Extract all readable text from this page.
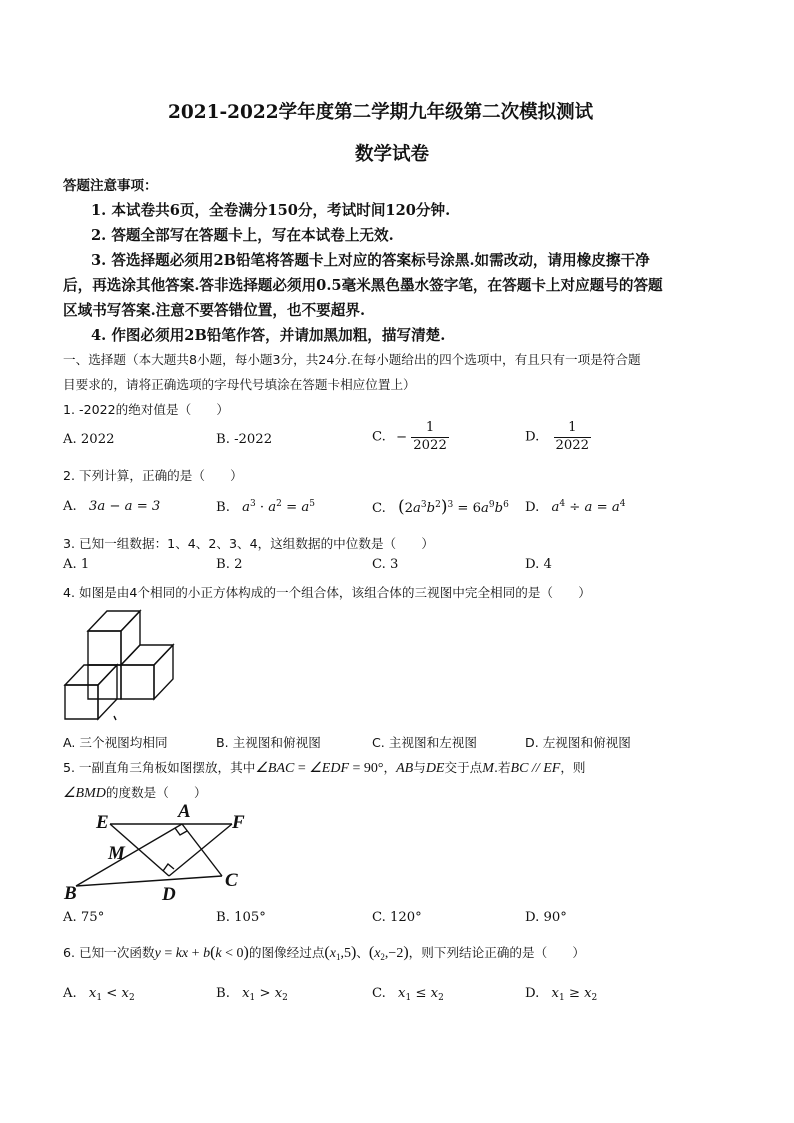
2021-2022学年度第二学期九年级第二次模拟测试
数学试卷
答题注意事项：
1. 本试卷共6页，全卷满分150分，考试时间120分钟.
2. 答题全部写在答题卡上，写在本试卷上无效.
3. 答选择题必须用2B铅笔将答题卡上对应的答案标号涂黑.如需改动，请用橡皮擦干净
后，再选涂其他答案.答非选择题必须用0.5毫米黑色墨水签字笔，在答题卡上对应题号的答题
区域书写答案.注意不要答错位置，也不要超界.
4. 作图必须用2B铅笔作答，并请加黑加粗，描写清楚.
一、选择题（本大题共8小题，每小题3分，共24分.在每小题给出的四个选项中，有且只有一项是符合题
目要求的，请将正确选项的字母代号填涂在答题卡相应位置上）
1. -2022的绝对值是（　　）
A. 2022	B. -2022	C. − $\frac{1}{2022}$	D. $\frac{1}{2022}$
2. 下列计算，正确的是（　　）
A. 3a − a = 3	B. $a^3 \cdot a^2 = a^5$	C. $(2a^3b^2)^3 = 6a^9b^6$ D. $a^4 \div a = a^4$
3. 已知一组数据：1、4、2、3、4，这组数据的中位数是（　　）
A. 1	B. 2	C. 3	D. 4
4. 如图是由4个相同的小正方体构成的一个组合体，该组合体的三视图中完全相同的是（　　）
A. 三个视图均相同	B. 主视图和俯视图	C. 主视图和左视图	D. 左视图和俯视图
5. 一副直角三角板如图摆放，其中∠BAC = ∠EDF = 90°，AB与DE交于点M.若BC // EF，则
∠BMD的度数是（　　）
E
A
F
M
B	D
C
A. 75°	B. 105°	C. 120°	D. 90°
6. 已知一次函数y = kx + b(k < 0)的图像经过点$(x_1,5)$、$(x_2,-2)$，则下列结论正确的是（　　）
A. $x_1 < x_2$	B. $x_1 > x_2$	C. $x_1 \le x_2$	D. $x_1 \ge x_2$
